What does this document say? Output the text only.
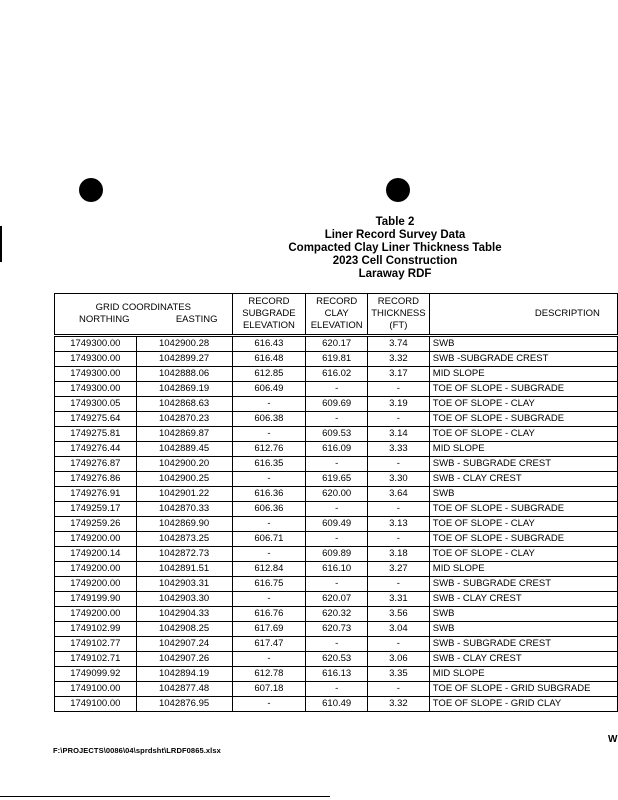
Table 2
Liner Record Survey Data
Compacted Clay Liner Thickness Table
2023 Cell Construction
Laraway RDF
GRID COORDINATES
NORTHING EASTING		RECORD SUBGRADE ELEVATION	RECORD CLAY ELEVATION	RECORD THICKNESS (FT)	DESCRIPTION
1749300.00	1042900.28	616.43	620.17	3.74	SWB
1749300.00	1042899.27	616.48	619.81	3.32	SWB -SUBGRADE CREST
1749300.00	1042888.06	612.85	616.02	3.17	MID SLOPE
1749300.00	1042869.19	606.49	-	-	TOE OF SLOPE - SUBGRADE
1749300.05	1042868.63	-	609.69	3.19	TOE OF SLOPE - CLAY
1749275.64	1042870.23	606.38	-	-	TOE OF SLOPE - SUBGRADE
1749275.81	1042869.87	-	609.53	3.14	TOE OF SLOPE - CLAY
1749276.44	1042889.45	612.76	616.09	3.33	MID SLOPE
1749276.87	1042900.20	616.35	-	-	SWB - SUBGRADE CREST
1749276.86	1042900.25	-	619.65	3.30	SWB - CLAY CREST
1749276.91	1042901.22	616.36	620.00	3.64	SWB
1749259.17	1042870.33	606.36	-	-	TOE OF SLOPE - SUBGRADE
1749259.26	1042869.90	-	609.49	3.13	TOE OF SLOPE - CLAY
1749200.00	1042873.25	606.71	-	-	TOE OF SLOPE - SUBGRADE
1749200.14	1042872.73	-	609.89	3.18	TOE OF SLOPE - CLAY
1749200.00	1042891.51	612.84	616.10	3.27	MID SLOPE
1749200.00	1042903.31	616.75	-	-	SWB - SUBGRADE CREST
1749199.90	1042903.30	-	620.07	3.31	SWB - CLAY CREST
1749200.00	1042904.33	616.76	620.32	3.56	SWB
1749102.99	1042908.25	617.69	620.73	3.04	SWB
1749102.77	1042907.24	617.47	-	-	SWB - SUBGRADE CREST
1749102.71	1042907.26	-	620.53	3.06	SWB - CLAY CREST
1749099.92	1042894.19	612.78	616.13	3.35	MID SLOPE
1749100.00	1042877.48	607.18	-	-	TOE OF SLOPE - GRID SUBGRADE
1749100.00	1042876.95	-	610.49	3.32	TOE OF SLOPE - GRID CLAY
F:\PROJECTS\0086\04\sprdsht\LRDF0865.xlsx
W
